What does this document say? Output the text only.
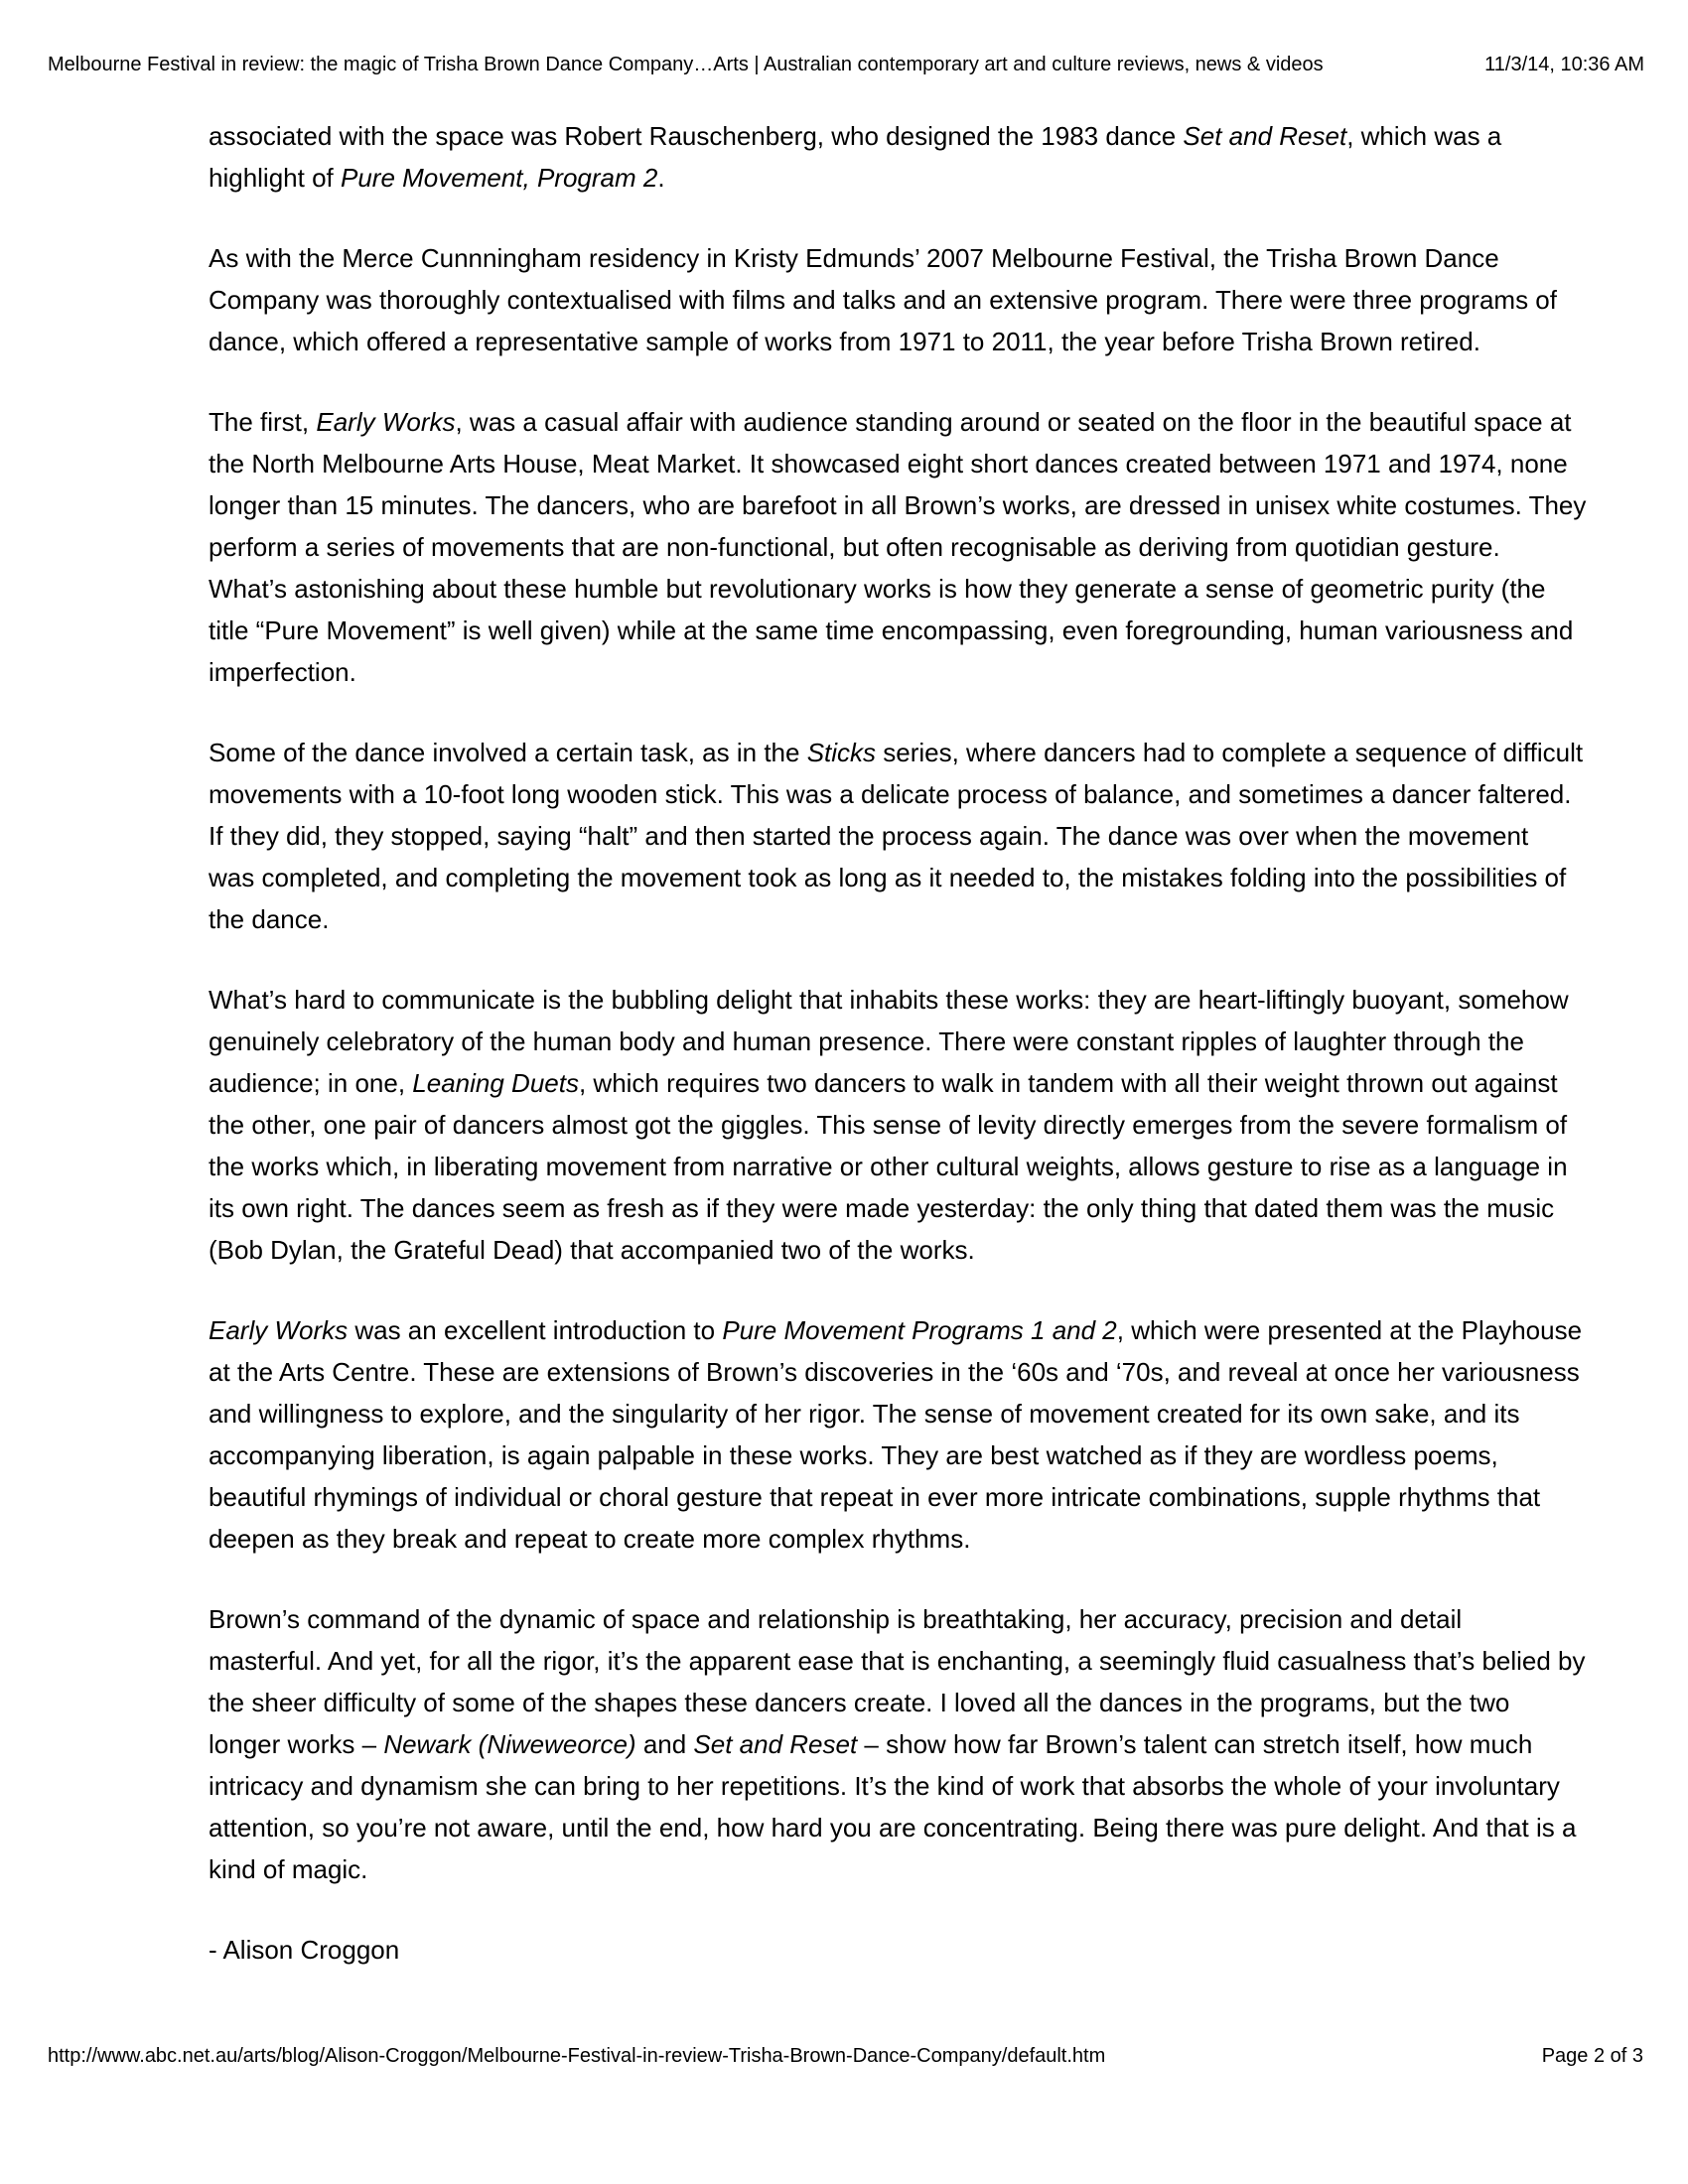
Melbourne Festival in review: the magic of Trisha Brown Dance Company…Arts | Australian contemporary art and culture reviews, news & videos	11/3/14, 10:36 AM

associated with the space was Robert Rauschenberg, who designed the 1983 dance Set and Reset, which was a
highlight of Pure Movement, Program 2.

As with the Merce Cunnningham residency in Kristy Edmunds’ 2007 Melbourne Festival, the Trisha Brown Dance
Company was thoroughly contextualised with films and talks and an extensive program. There were three programs of
dance, which offered a representative sample of works from 1971 to 2011, the year before Trisha Brown retired.

The first, Early Works, was a casual affair with audience standing around or seated on the floor in the beautiful space at
the North Melbourne Arts House, Meat Market. It showcased eight short dances created between 1971 and 1974, none
longer than 15 minutes. The dancers, who are barefoot in all Brown’s works, are dressed in unisex white costumes. They
perform a series of movements that are non-functional, but often recognisable as deriving from quotidian gesture.
What’s astonishing about these humble but revolutionary works is how they generate a sense of geometric purity (the
title “Pure Movement” is well given) while at the same time encompassing, even foregrounding, human variousness and
imperfection.

Some of the dance involved a certain task, as in the Sticks series, where dancers had to complete a sequence of difficult
movements with a 10-foot long wooden stick. This was a delicate process of balance, and sometimes a dancer faltered.
If they did, they stopped, saying “halt” and then started the process again. The dance was over when the movement
was completed, and completing the movement took as long as it needed to, the mistakes folding into the possibilities of
the dance.

What’s hard to communicate is the bubbling delight that inhabits these works: they are heart-liftingly buoyant, somehow
genuinely celebratory of the human body and human presence. There were constant ripples of laughter through the
audience; in one, Leaning Duets, which requires two dancers to walk in tandem with all their weight thrown out against
the other, one pair of dancers almost got the giggles. This sense of levity directly emerges from the severe formalism of
the works which, in liberating movement from narrative or other cultural weights, allows gesture to rise as a language in
its own right. The dances seem as fresh as if they were made yesterday: the only thing that dated them was the music
(Bob Dylan, the Grateful Dead) that accompanied two of the works.

Early Works was an excellent introduction to Pure Movement Programs 1 and 2, which were presented at the Playhouse
at the Arts Centre. These are extensions of Brown’s discoveries in the ‘60s and ‘70s, and reveal at once her variousness
and willingness to explore, and the singularity of her rigor. The sense of movement created for its own sake, and its
accompanying liberation, is again palpable in these works. They are best watched as if they are wordless poems,
beautiful rhymings of individual or choral gesture that repeat in ever more intricate combinations, supple rhythms that
deepen as they break and repeat to create more complex rhythms.

Brown’s command of the dynamic of space and relationship is breathtaking, her accuracy, precision and detail
masterful. And yet, for all the rigor, it’s the apparent ease that is enchanting, a seemingly fluid casualness that’s belied by
the sheer difficulty of some of the shapes these dancers create. I loved all the dances in the programs, but the two
longer works – Newark (Niweweorce) and Set and Reset – show how far Brown’s talent can stretch itself, how much
intricacy and dynamism she can bring to her repetitions. It’s the kind of work that absorbs the whole of your involuntary
attention, so you’re not aware, until the end, how hard you are concentrating. Being there was pure delight. And that is a
kind of magic.

- Alison Croggon

http://www.abc.net.au/arts/blog/Alison-Croggon/Melbourne-Festival-in-review-Trisha-Brown-Dance-Company/default.htm	Page 2 of 3
